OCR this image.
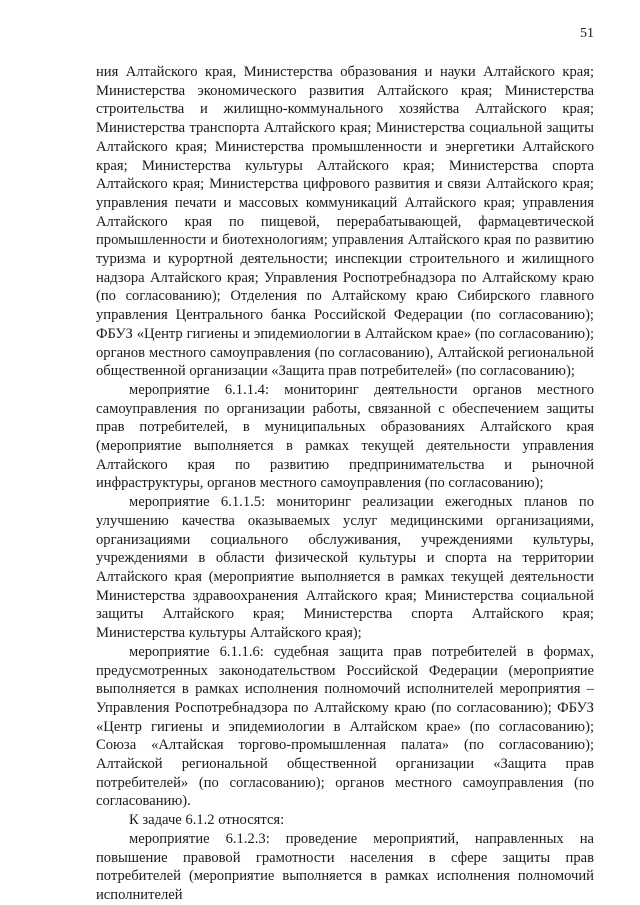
51

ния Алтайского края, Министерства образования и науки Алтайского края; Министерства экономического развития Алтайского края; Министерства строительства и жилищно-коммунального хозяйства Алтайского края; Министерства транспорта Алтайского края; Министерства социальной защиты Алтайского края; Министерства промышленности и энергетики Алтайского края; Министерства культуры Алтайского края; Министерства спорта Алтайского края; Министерства цифрового развития и связи Алтайского края; управления печати и массовых коммуникаций Алтайского края; управления Алтайского края по пищевой, перерабатывающей, фармацевтической промышленности и биотехнологиям; управления Алтайского края по развитию туризма и курортной деятельности; инспекции строительного и жилищного надзора Алтайского края; Управления Роспотребнадзора по Алтайскому краю (по согласованию); Отделения по Алтайскому краю Сибирского главного управления Центрального банка Российской Федерации (по согласованию); ФБУЗ «Центр гигиены и эпидемиологии в Алтайском крае» (по согласованию); органов местного самоуправления (по согласованию), Алтайской региональной общественной организации «Защита прав потребителей» (по согласованию);

мероприятие 6.1.1.4: мониторинг деятельности органов местного самоуправления по организации работы, связанной с обеспечением защиты прав потребителей, в муниципальных образованиях Алтайского края (мероприятие выполняется в рамках текущей деятельности управления Алтайского края по развитию предпринимательства и рыночной инфраструктуры, органов местного самоуправления (по согласованию);

мероприятие 6.1.1.5: мониторинг реализации ежегодных планов по улучшению качества оказываемых услуг медицинскими организациями, организациями социального обслуживания, учреждениями культуры, учреждениями в области физической культуры и спорта на территории Алтайского края (мероприятие выполняется в рамках текущей деятельности Министерства здравоохранения Алтайского края; Министерства социальной защиты Алтайского края; Министерства спорта Алтайского края; Министерства культуры Алтайского края);

мероприятие 6.1.1.6: судебная защита прав потребителей в формах, предусмотренных законодательством Российской Федерации (мероприятие выполняется в рамках исполнения полномочий исполнителей мероприятия – Управления Роспотребнадзора по Алтайскому краю (по согласованию); ФБУЗ «Центр гигиены и эпидемиологии в Алтайском крае» (по согласованию); Союза «Алтайская торгово-промышленная палата» (по согласованию); Алтайской региональной общественной организации «Защита прав потребителей» (по согласованию); органов местного самоуправления (по согласованию).

К задаче 6.1.2 относятся:

мероприятие 6.1.2.3: проведение мероприятий, направленных на повышение правовой грамотности населения в сфере защиты прав потребителей (мероприятие выполняется в рамках исполнения полномочий исполнителей
